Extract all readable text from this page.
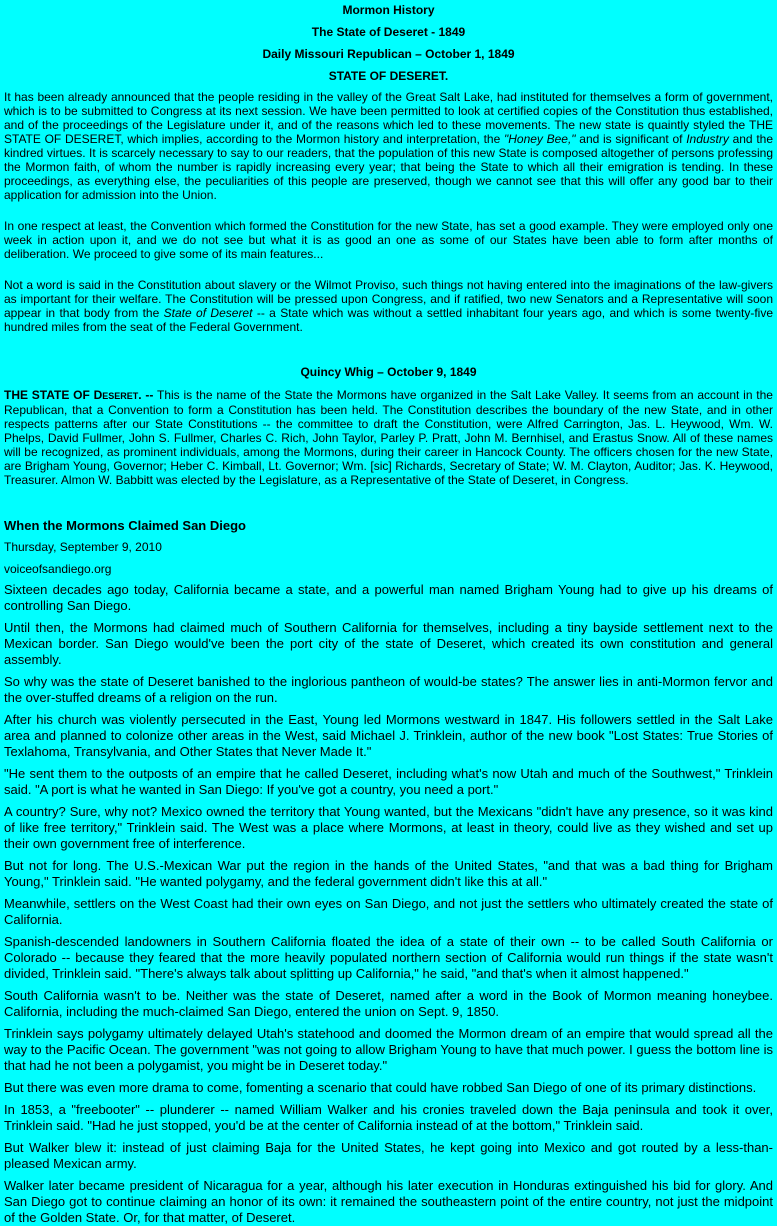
Mormon History
The State of Deseret - 1849
Daily Missouri Republican – October 1, 1849
STATE OF DESERET.

It has been already announced that the people residing in the valley of the Great Salt Lake, had instituted for themselves a form of government, which is to be submitted to Congress at its next session. We have been permitted to look at certified copies of the Constitution thus established, and of the proceedings of the Legislature under it, and of the reasons which led to these movements. The new state is quaintly styled the THE STATE OF DESERET, which implies, according to the Mormon history and interpretation, the "Honey Bee," and is significant of Industry and the kindred virtues. It is scarcely necessary to say to our readers, that the population of this new State is composed altogether of persons professing the Mormon faith, of whom the number is rapidly increasing every year; that being the State to which all their emigration is tending. In these proceedings, as everything else, the peculiarities of this people are preserved, though we cannot see that this will offer any good bar to their application for admission into the Union.

In one respect at least, the Convention which formed the Constitution for the new State, has set a good example. They were employed only one week in action upon it, and we do not see but what it is as good an one as some of our States have been able to form after months of deliberation. We proceed to give some of its main features...

Not a word is said in the Constitution about slavery or the Wilmot Proviso, such things not having entered into the imaginations of the law-givers as important for their welfare. The Constitution will be pressed upon Congress, and if ratified, two new Senators and a Representative will soon appear in that body from the State of Deseret -- a State which was without a settled inhabitant four years ago, and which is some twenty-five hundred miles from the seat of the Federal Government.

Quincy Whig – October 9, 1849

THE STATE OF DESERET. -- This is the name of the State the Mormons have organized in the Salt Lake Valley. It seems from an account in the Republican, that a Convention to form a Constitution has been held. The Constitution describes the boundary of the new State, and in other respects patterns after our State Constitutions -- the committee to draft the Constitution, were Alfred Carrington, Jas. L. Heywood, Wm. W. Phelps, David Fullmer, John S. Fullmer, Charles C. Rich, John Taylor, Parley P. Pratt, John M. Bernhisel, and Erastus Snow. All of these names will be recognized, as prominent individuals, among the Mormons, during their career in Hancock County. The officers chosen for the new State, are Brigham Young, Governor; Heber C. Kimball, Lt. Governor; Wm. [sic] Richards, Secretary of State; W. M. Clayton, Auditor; Jas. K. Heywood, Treasurer. Almon W. Babbitt was elected by the Legislature, as a Representative of the State of Deseret, in Congress.

When the Mormons Claimed San Diego
Thursday, September 9, 2010
voiceofsandiego.org

Sixteen decades ago today, California became a state, and a powerful man named Brigham Young had to give up his dreams of controlling San Diego.

Until then, the Mormons had claimed much of Southern California for themselves, including a tiny bayside settlement next to the Mexican border. San Diego would've been the port city of the state of Deseret, which created its own constitution and general assembly.

So why was the state of Deseret banished to the inglorious pantheon of would-be states? The answer lies in anti-Mormon fervor and the over-stuffed dreams of a religion on the run.

After his church was violently persecuted in the East, Young led Mormons westward in 1847. His followers settled in the Salt Lake area and planned to colonize other areas in the West, said Michael J. Trinklein, author of the new book "Lost States: True Stories of Texlahoma, Transylvania, and Other States that Never Made It."

"He sent them to the outposts of an empire that he called Deseret, including what's now Utah and much of the Southwest," Trinklein said. "A port is what he wanted in San Diego: If you've got a country, you need a port."

A country? Sure, why not? Mexico owned the territory that Young wanted, but the Mexicans "didn't have any presence, so it was kind of like free territory," Trinklein said. The West was a place where Mormons, at least in theory, could live as they wished and set up their own government free of interference.

But not for long. The U.S.-Mexican War put the region in the hands of the United States, "and that was a bad thing for Brigham Young," Trinklein said. "He wanted polygamy, and the federal government didn't like this at all."

Meanwhile, settlers on the West Coast had their own eyes on San Diego, and not just the settlers who ultimately created the state of California.

Spanish-descended landowners in Southern California floated the idea of a state of their own -- to be called South California or Colorado -- because they feared that the more heavily populated northern section of California would run things if the state wasn't divided, Trinklein said. "There's always talk about splitting up California," he said, "and that's when it almost happened."

South California wasn't to be. Neither was the state of Deseret, named after a word in the Book of Mormon meaning honeybee. California, including the much-claimed San Diego, entered the union on Sept. 9, 1850.

Trinklein says polygamy ultimately delayed Utah's statehood and doomed the Mormon dream of an empire that would spread all the way to the Pacific Ocean. The government "was not going to allow Brigham Young to have that much power. I guess the bottom line is that had he not been a polygamist, you might be in Deseret today."

But there was even more drama to come, fomenting a scenario that could have robbed San Diego of one of its primary distinctions.

In 1853, a "freebooter" -- plunderer -- named William Walker and his cronies traveled down the Baja peninsula and took it over, Trinklein said. "Had he just stopped, you'd be at the center of California instead of at the bottom," Trinklein said.

But Walker blew it: instead of just claiming Baja for the United States, he kept going into Mexico and got routed by a less-than-pleased Mexican army.

Walker later became president of Nicaragua for a year, although his later execution in Honduras extinguished his bid for glory. And San Diego got to continue claiming an honor of its own: it remained the southeastern point of the entire country, not just the midpoint of the Golden State. Or, for that matter, of Deseret.
